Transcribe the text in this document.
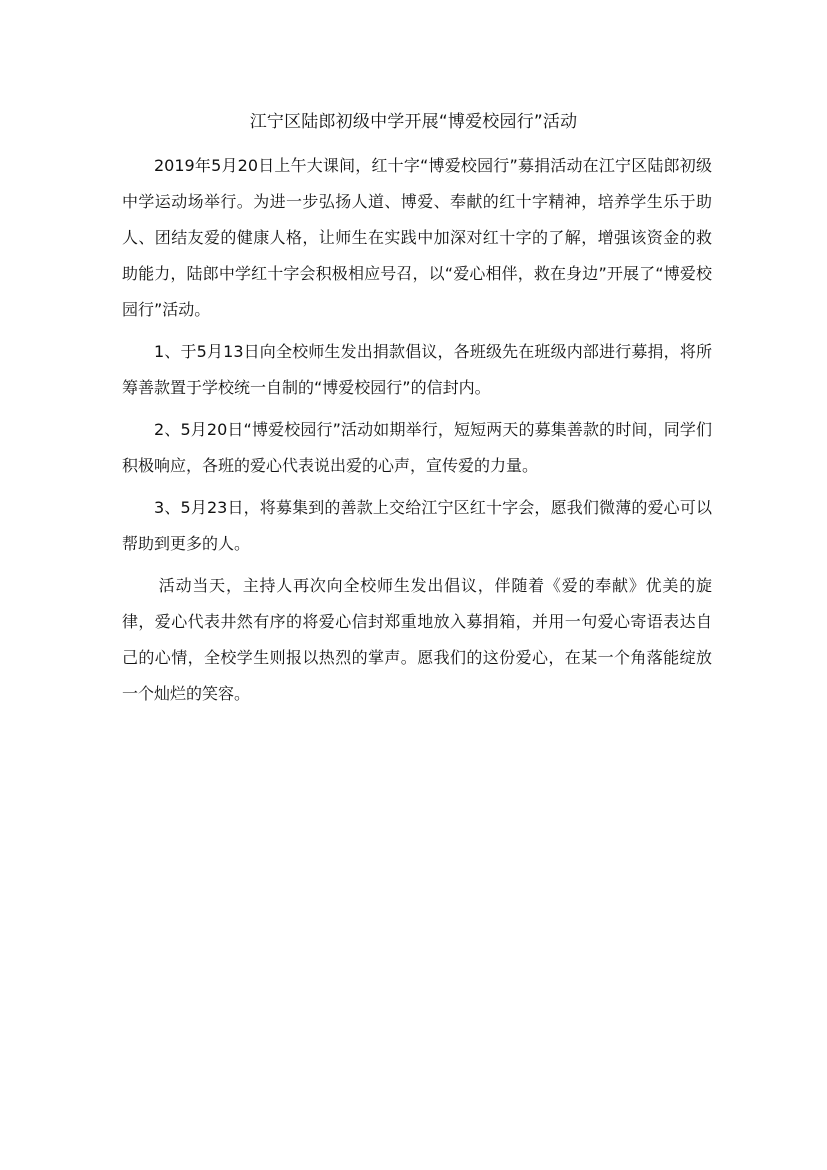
江宁区陆郎初级中学开展“博爱校园行”活动

2019年5月20日上午大课间，红十字“博爱校园行”募捐活动在江宁区陆郎初级中学运动场举行。为进一步弘扬人道、博爱、奉献的红十字精神，培养学生乐于助人、团结友爱的健康人格，让师生在实践中加深对红十字的了解，增强该资金的救助能力，陆郎中学红十字会积极相应号召，以“爱心相伴，救在身边”开展了“博爱校园行”活动。

1、于5月13日向全校师生发出捐款倡议，各班级先在班级内部进行募捐，将所筹善款置于学校统一自制的“博爱校园行”的信封内。

2、5月20日“博爱校园行”活动如期举行，短短两天的募集善款的时间，同学们积极响应，各班的爱心代表说出爱的心声，宣传爱的力量。

3、5月23日，将募集到的善款上交给江宁区红十字会，愿我们微薄的爱心可以帮助到更多的人。

活动当天，主持人再次向全校师生发出倡议，伴随着《爱的奉献》优美的旋律，爱心代表井然有序的将爱心信封郑重地放入募捐箱，并用一句爱心寄语表达自己的心情，全校学生则报以热烈的掌声。愿我们的这份爱心，在某一个角落能绽放一个灿烂的笑容。
